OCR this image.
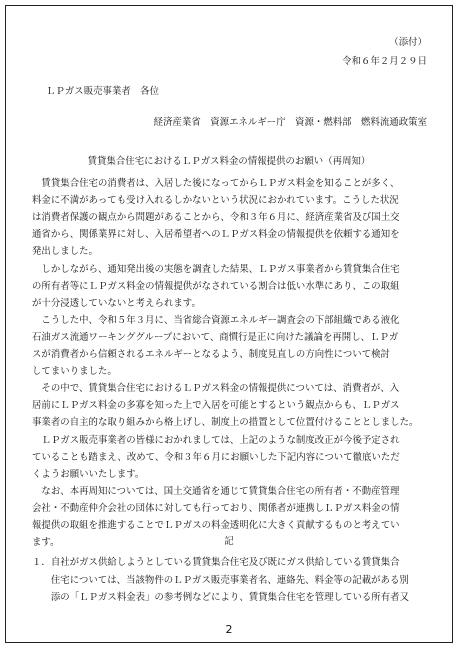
（添付）
令和６年２月２９日
ＬＰガス販売事業者　各位
経済産業省　資源エネルギー庁　資源・燃料部　燃料流通政策室
賃貸集合住宅におけるＬＰガス料金の情報提供のお願い（再周知）
　賃貸集合住宅の消費者は、入居した後になってからＬＰガス料金を知ることが多く、
料金に不満があっても受け入れるしかないという状況におかれています。こうした状況
は消費者保護の観点から問題があることから、令和３年６月に、経済産業省及び国土交
通省から、関係業界に対し、入居希望者へのＬＰガス料金の情報提供を依頼する通知を
発出しました。
　しかしながら、通知発出後の実態を調査した結果、ＬＰガス事業者から賃貸集合住宅
の所有者等にＬＰガス料金の情報提供がなされている割合は低い水準にあり、この取組
が十分浸透していないと考えられます。
　こうした中、令和５年３月に、当省総合資源エネルギー調査会の下部組織である液化
石油ガス流通ワーキンググループにおいて、商慣行是正に向けた議論を再開し、ＬＰガ
スが消費者から信頼されるエネルギーとなるよう、制度見直しの方向性について検討
してまいりました。
　その中で、賃貸集合住宅におけるＬＰガス料金の情報提供については、消費者が、入
居前にＬＰガス料金の多寡を知った上で入居を可能とするという観点からも、ＬＰガス
事業者の自主的な取り組みから格上げし、制度上の措置として位置付けることとしました。
　ＬＰガス販売事業者の皆様におかれましては、上記のような制度改正が今後予定され
ていることも踏まえ、改めて、令和３年６月にお願いした下記内容について徹底いただ
くようお願いいたします。
　なお、本再周知については、国土交通省を通じて賃貸集合住宅の所有者・不動産管理
会社・不動産仲介会社の団体に対しても行っており、関係者が連携しＬＰガス料金の情
報提供の取組を推進することでＬＰガスの料金透明化に大きく貢献するものと考えてい
ます。	記
１．自社がガス供給しようとしている賃貸集合住宅及び既にガス供給している賃貸集合
　　住宅については、当該物件のＬＰガス販売事業者名、連絡先、料金等の記載がある別
　　添の「ＬＰガス料金表」の参考例などにより、賃貸集合住宅を管理している所有者又
2
